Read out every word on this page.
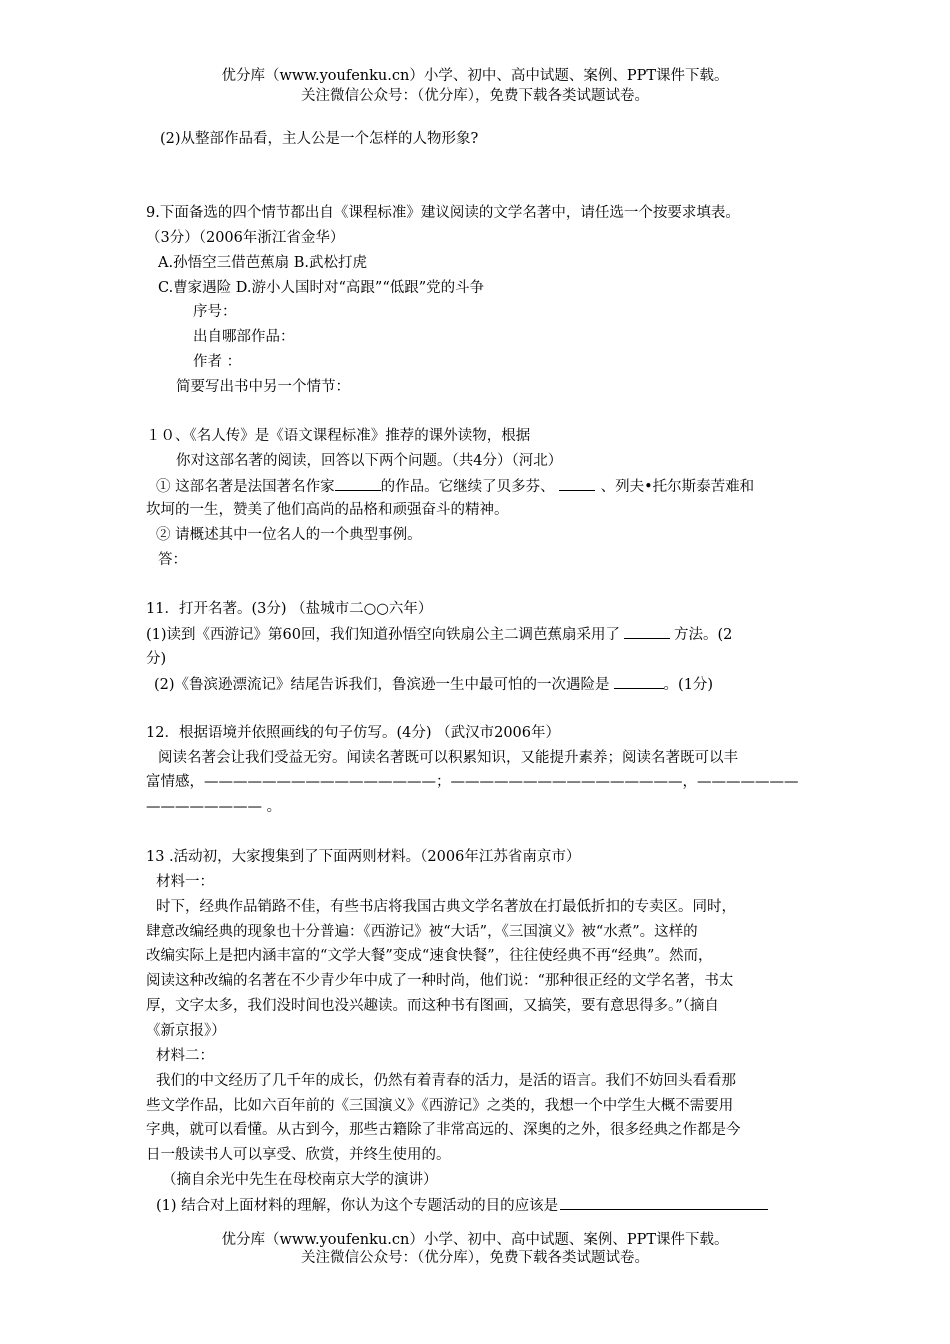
优分库（www.youfenku.cn）小学、初中、高中试题、案例、PPT课件下载。
关注微信公众号：（优分库），免费下载各类试题试卷。
(2)从整部作品看，主人公是一个怎样的人物形象?
9.下面备选的四个情节都出自《课程标准》建议阅读的文学名著中，请任选一个按要求填表。
（3分）（2006年浙江省金华）
A.孙悟空三借芭蕉扇 B.武松打虎
C.曹家遇险 D.游小人国时对“高跟”“低跟”党的斗争
序号：
出自哪部作品：
作者 ：
简要写出书中另一个情节：
１０、《名人传》是《语文课程标准》推荐的课外读物，根据
你对这部名著的阅读，回答以下两个问题。（共4分）（河北）
① 这部名著是法国著名作家	的作品。它继续了贝多芬、	、列夫•托尔斯泰苦难和
坎坷的一生，赞美了他们高尚的品格和顽强奋斗的精神。
② 请概述其中一位名人的一个典型事例。
答：
11．打开名著。(3分) （盐城市二○○六年）
(1)读到《西游记》第60回，我们知道孙悟空向铁扇公主二调芭蕉扇采用了	方法。(2
分)
(2)《鲁滨逊漂流记》结尾告诉我们，鲁滨逊一生中最可怕的一次遇险是	。(1分)
12．根据语境并依照画线的句子仿写。(4分) （武汉市2006年）
阅读名著会让我们受益无穷。闻读名著既可以积累知识，又能提升素养；阅读名著既可以丰
富情感，————————————————；————————————————，———————
———————— 。
13 .活动初，大家搜集到了下面两则材料。（2006年江苏省南京市）
材料一：
时下，经典作品销路不佳，有些书店将我国古典文学名著放在打最低折扣的专卖区。同时，
肆意改编经典的现象也十分普遍：《西游记》被“大话”，《三国演义》被“水煮”。这样的
改编实际上是把内涵丰富的“文学大餐”变成“速食快餐”，往往使经典不再“经典”。然而，
阅读这种改编的名著在不少青少年中成了一种时尚，他们说：“那种很正经的文学名著，书太
厚，文字太多，我们没时间也没兴趣读。而这种书有图画，又搞笑，要有意思得多。”（摘自
《新京报》）
材料二：
我们的中文经历了几千年的成长，仍然有着青春的活力，是活的语言。我们不妨回头看看那
些文学作品，比如六百年前的《三国演义》《西游记》之类的，我想一个中学生大概不需要用
字典，就可以看懂。从古到今，那些古籍除了非常高远的、深奥的之外，很多经典之作都是今
日一般读书人可以享受、欣赏，并终生使用的。
（摘自余光中先生在母校南京大学的演讲）
(1) 结合对上面材料的理解，你认为这个专题活动的目的应该是
优分库（www.youfenku.cn）小学、初中、高中试题、案例、PPT课件下载。
关注微信公众号：（优分库），免费下载各类试题试卷。
